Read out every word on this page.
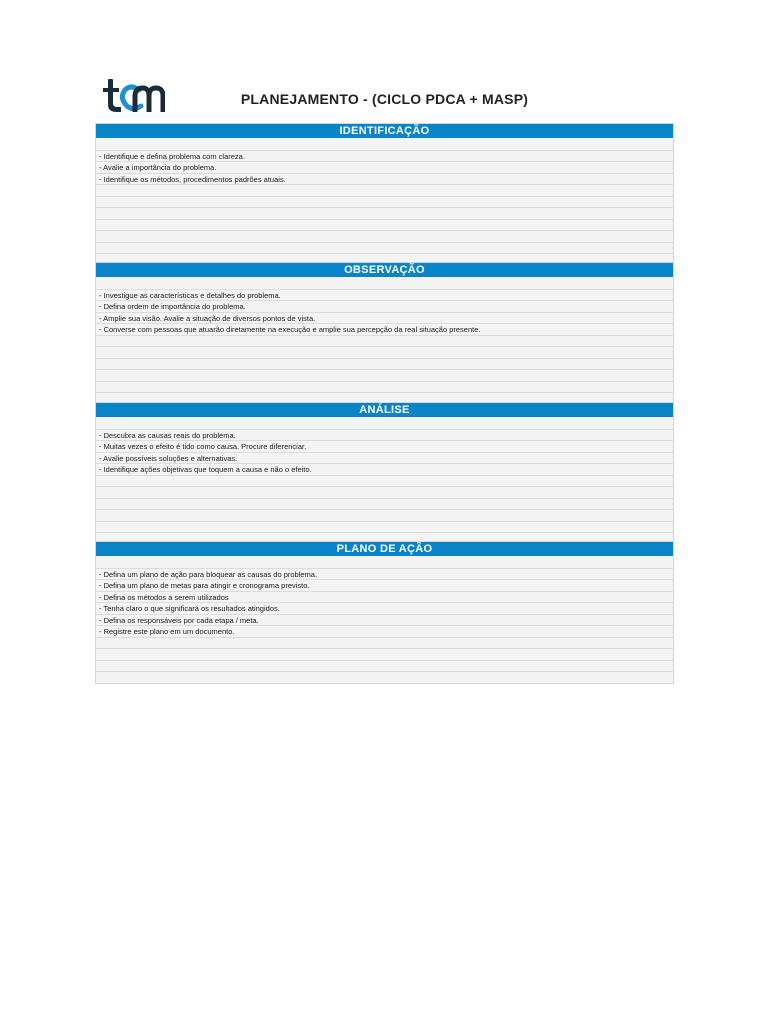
PLANEJAMENTO - (CICLO PDCA + MASP)
IDENTIFICAÇÃO
- Identifique e defina problema com clareza.
- Avalie a importância do problema.
- Identifique os métodos, procedimentos padrões atuais.
OBSERVAÇÃO
- Investigue as características e detalhes do problema.
- Defina ordem de importância do problema.
- Amplie sua visão. Avalie a situação de diversos pontos de vista.
- Converse com pessoas que atuarão diretamente na execução e amplie sua percepção da real situação presente.
ANÁLISE
- Descubra as causas reais do problema.
- Muitas vezes o efeito é tido como causa. Procure diferenciar.
- Avalie possíveis soluções e alternativas.
- Identifique ações objetivas que toquem a causa e não o efeito.
PLANO DE AÇÃO
- Defina um plano de ação para bloquear as causas do problema.
- Defina um plano de metas para atingir e cronograma previsto.
- Defina os métodos a serem utilizados
- Tenha claro o que significará os resultados atingidos.
- Defina os responsáveis por cada etapa / meta.
- Registre este plano em um documento.
